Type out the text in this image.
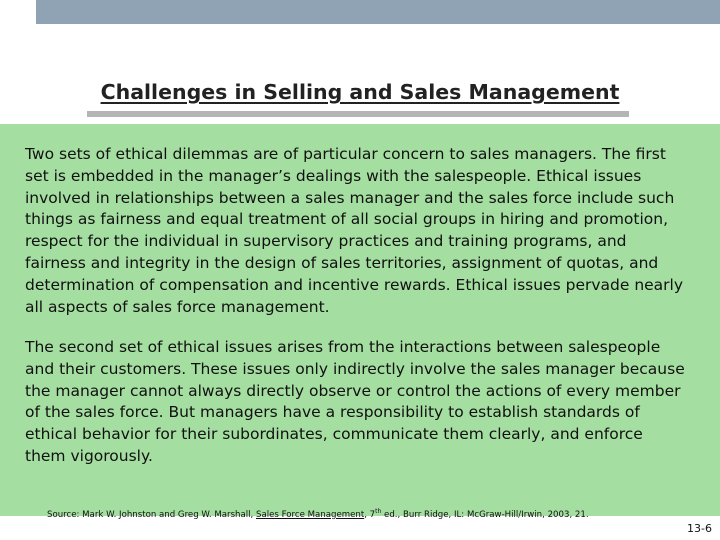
Challenges in Selling and Sales Management
Two sets of ethical dilemmas are of particular concern to sales managers. The first set is embedded in the manager’s dealings with the salespeople. Ethical issues involved in relationships between a sales manager and the sales force include such things as fairness and equal treatment of all social groups in hiring and promotion, respect for the individual in supervisory practices and training programs, and fairness and integrity in the design of sales territories, assignment of quotas, and determination of compensation and incentive rewards. Ethical issues pervade nearly all aspects of sales force management.
The second set of ethical issues arises from the interactions between salespeople and their customers. These issues only indirectly involve the sales manager because the manager cannot always directly observe or control the actions of every member of the sales force. But managers have a responsibility to establish standards of ethical behavior for their subordinates, communicate them clearly, and enforce them vigorously.
Source: Mark W. Johnston and Greg W. Marshall, Sales Force Management, 7th ed., Burr Ridge, IL: McGraw-Hill/Irwin, 2003, 21.
13-6
